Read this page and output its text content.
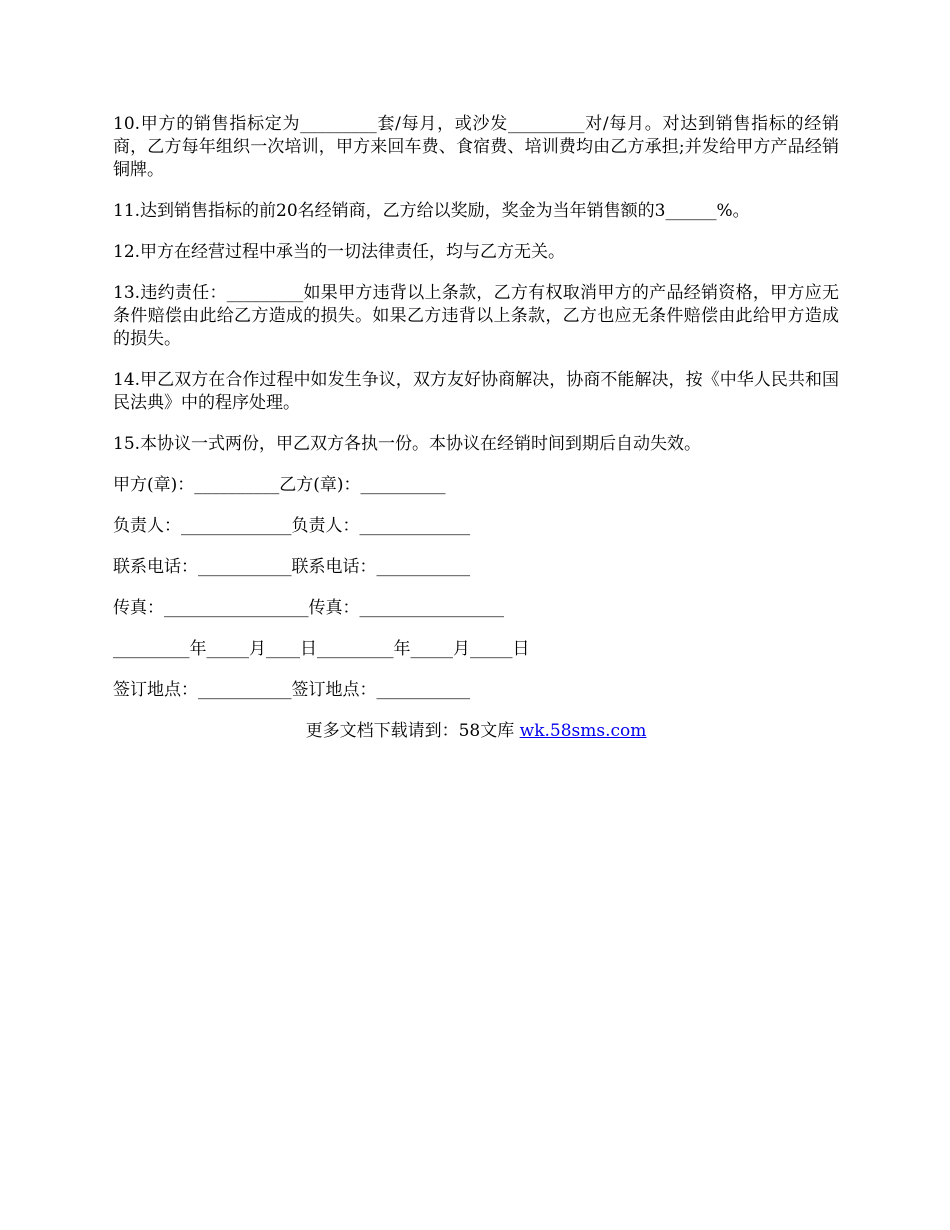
10.甲方的销售指标定为_________套/每月，或沙发_________对/每月。对达到销售指标的经销商，乙方每年组织一次培训，甲方来回车费、食宿费、培训费均由乙方承担;并发给甲方产品经销铜牌。

11.达到销售指标的前20名经销商，乙方给以奖励，奖金为当年销售额的3______%。

12.甲方在经营过程中承当的一切法律责任，均与乙方无关。

13.违约责任：_________如果甲方违背以上条款，乙方有权取消甲方的产品经销资格，甲方应无条件赔偿由此给乙方造成的损失。如果乙方违背以上条款，乙方也应无条件赔偿由此给甲方造成的损失。

14.甲乙双方在合作过程中如发生争议，双方友好协商解决，协商不能解决，按《中华人民共和国民法典》中的程序处理。

15.本协议一式两份，甲乙双方各执一份。本协议在经销时间到期后自动失效。

甲方(章)：__________乙方(章)：__________

负责人：_____________负责人：_____________

联系电话：___________联系电话：___________

传真：_________________传真：_________________

_________年_____月____日_________年_____月_____日

签订地点：___________签订地点：___________

更多文档下载请到：58文库 wk.58sms.com
